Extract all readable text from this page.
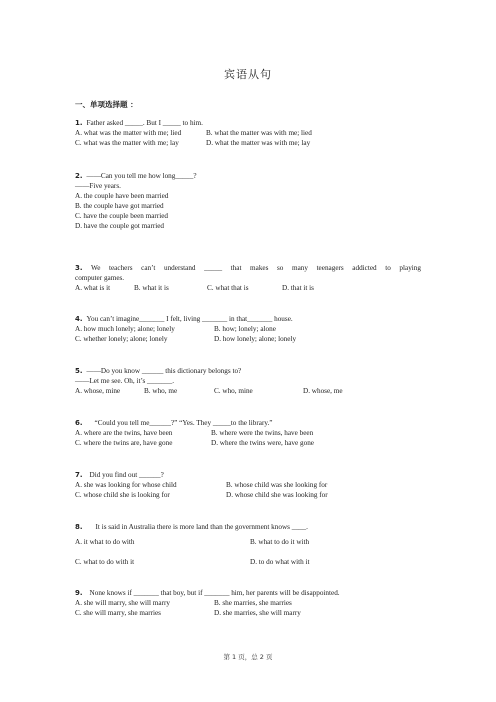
宾语从句
一、单项选择题 ：
1. Father asked _____. But I _____ to him.
A. what was the matter with me; lied	B. what the matter was with me; lied
C. what was the matter with me; lay	D. what the matter was with me; lay
2. ——Can you tell me how long_____?
——Five years.
A. the couple have been married
B. the couple have got married
C. have the couple been married
D. have the couple got married
3. We teachers can’t understand _____ that makes so many teenagers addicted to playing
computer games.
A. what is it	B. what it is	C. what that is	D. that it is
4. You can’t imagine_______ I felt, living _______ in that_______ house.
A. how much lonely; alone; lonely	B. how; lonely; alone
C. whether lonely; alone; lonely	D. how lonely; alone; lonely
5. ——Do you know ______ this dictionary belongs to?
——Let me see. Oh, it’s _______.
A. whose, mine	B. who, me	C. who, mine	D. whose, me
6. “Could you tell me______?” “Yes. They _____to the library.”
A. where are the twins, have been	B. where were the twins, have been
C. where the twins are, have gone	D. where the twins were, have gone
7. Did you find out ______?
A. she was looking for whose child	B. whose child was she looking for
C. whose child she is looking for	D. whose child she was looking for
8. It is said in Australia there is more land than the government knows ____.
A. it what to do with	B. what to do it with
C. what to do with it	D. to do what with it
9. None knows if _______ that boy, but if _______ him, her parents will be disappointed.
A. she will marry, she will marry	B. she marries, she marries
C. she will marry, she marries	D. she marries, she will marry
第 1 页，总 2 页
